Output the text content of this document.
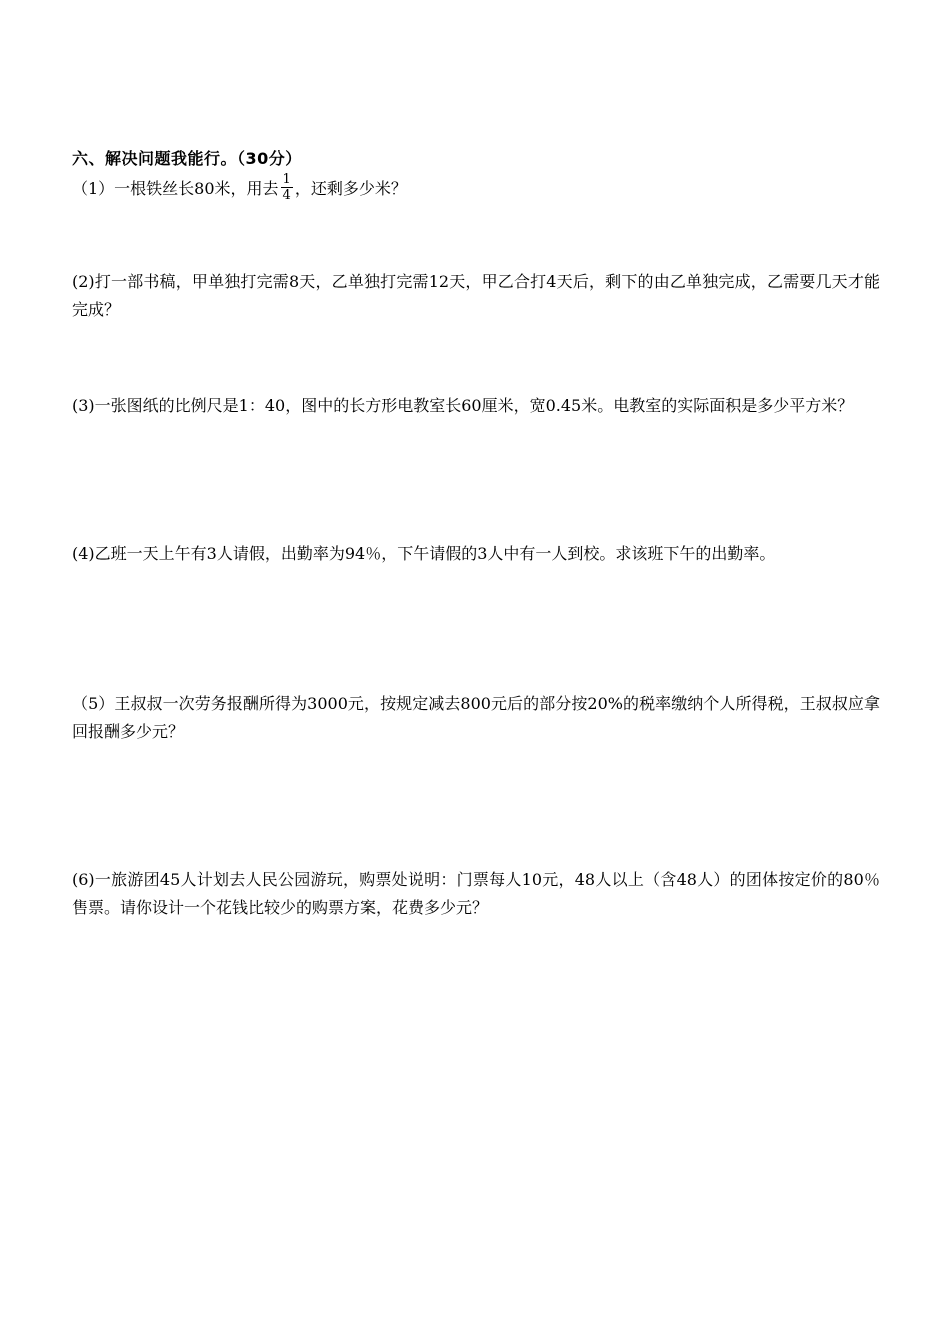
六、解决问题我能行。（30分）
（1）一根铁丝长80米，用去 $\frac{1}{4}$ ，还剩多少米？
(2)打一部书稿，甲单独打完需8天，乙单独打完需12天，甲乙合打4天后，剩下的由乙单独完成，乙需要几天才能完成？
(3)一张图纸的比例尺是1：40，图中的长方形电教室长60厘米，宽0.45米。电教室的实际面积是多少平方米？
(4)乙班一天上午有3人请假，出勤率为94％，下午请假的3人中有一人到校。求该班下午的出勤率。
（5）王叔叔一次劳务报酬所得为3000元，按规定减去800元后的部分按20%的税率缴纳个人所得税，王叔叔应拿回报酬多少元？
(6)一旅游团45人计划去人民公园游玩，购票处说明：门票每人10元，48人以上（含48人）的团体按定价的80％售票。请你设计一个花钱比较少的购票方案，花费多少元？
